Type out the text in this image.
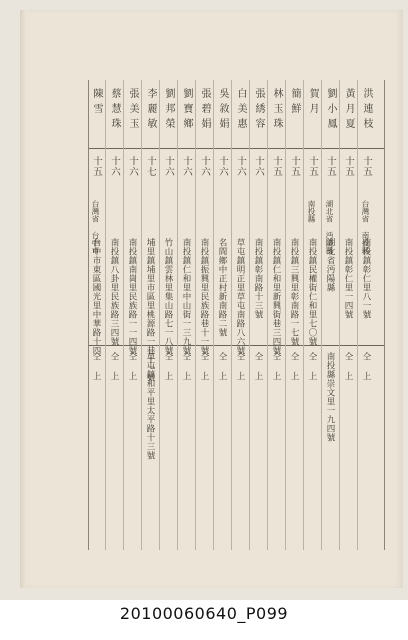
洪連枝
十五
台灣省 南投縣
南投鎮彰仁里八一號
仝 上
黃月夏
十五
南投鎮彰仁里一四號
仝 上
劉小鳳
十五
湖北省 沔陽縣
湖北省沔陽縣
南投縣崇文里一九四號
賀月
十五
南投縣
南投鎮民權街仁和里七〇號
仝 上
簡鮮
十五
南投鎮三興里彰南路一七號
仝 上
林玉珠
十五
南投鎮仁和里新興街巷三四號
仝 上
張綉容
十六
南投鎮彰南路十三號
仝 上
白美惠
十六
草屯鎮明正里草屯南路八六號
仝 上
吳敘娟
十六
名間鄉中正村新南路二號
仝 上
張碧娟
十六
南投鎮振興里民族路巷十一號
仝 上
劉寶鄉
十六
南投鎮仁和里中山街一三九號
仝 上
劉邦榮
十六
竹山鎮雲林里集山路七一八號
仝 上
李麗敏
十七
埔里鎮埔里市區里桃源路一巷十一號
草屯鎮和平里太平路十三號
張美玉
十六
南投鎮南崗里民族路一一四號
仝 上
蔡慧珠
十六
南投鎮八卦里民族路三四號
仝 上
陳雪
十五
台灣省 台中市
台中市東區國光里中華路十四
仝 上
20100060640_P099
